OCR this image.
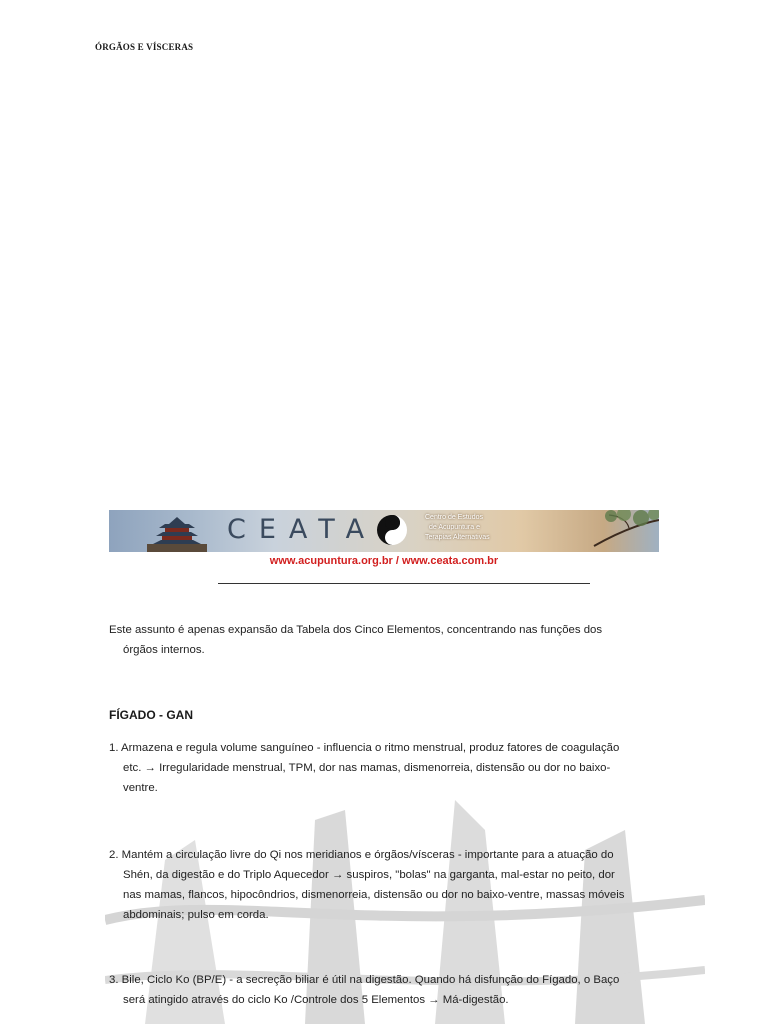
ÓRGÃOS E VÍSCERAS
CEATA	Centro de Estudos
de Acupuntura e
Terapias Alternativas
www.acupuntura.org.br / www.ceata.com.br
Este assunto é apenas expansão da Tabela dos Cinco Elementos, concentrando nas funções dos
órgãos internos.
FÍGADO - GAN
1. Armazena e regula volume sanguíneo - influencia o ritmo menstrual, produz fatores de coagulação
etc. → Irregularidade menstrual, TPM, dor nas mamas, dismenorreia, distensão ou dor no baixo-
ventre.
2. Mantém a circulação livre do Qi nos meridianos e órgãos/vísceras - importante para a atuação do
Shén, da digestão e do Triplo Aquecedor → suspiros, "bolas" na garganta, mal-estar no peito, dor
nas mamas, flancos, hipocôndrios, dismenorreia, distensão ou dor no baixo-ventre, massas móveis
abdominais; pulso em corda.
3. Bile, Ciclo Ko (BP/E) - a secreção biliar é útil na digestão. Quando há disfunção do Fígado, o Baço
será atingido através do ciclo Ko /Controle dos 5 Elementos → Má-digestão.
